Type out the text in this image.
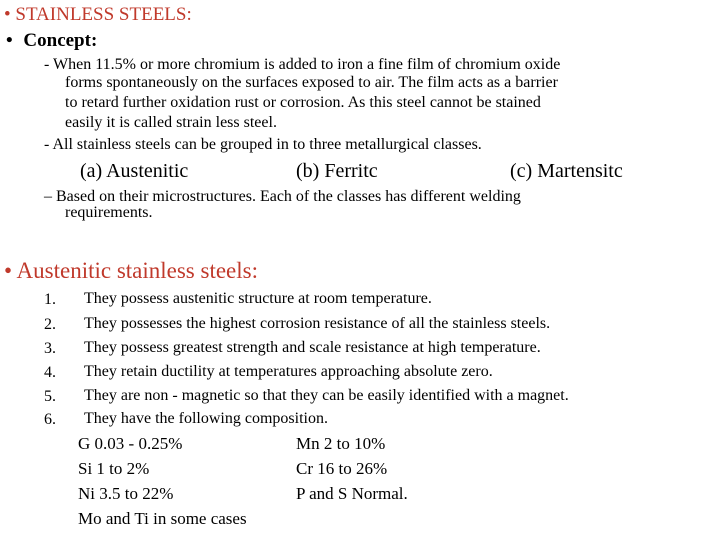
• STAINLESS STEELS:
• Concept:
- When 11.5% or more chromium is added to iron a fine film of chromium oxide
forms spontaneously on the surfaces exposed to air. The film acts as a barrier
to retard further oxidation rust or corrosion. As this steel cannot be stained
easily it is called strain less steel.
- All stainless steels can be grouped in to three metallurgical classes.
(a) Austenitic	(b) Ferritc	(c) Martensitc
– Based on their microstructures. Each of the classes has different welding
requirements.
• Austenitic stainless steels:
1. They possess austenitic structure at room temperature.
2. They possesses the highest corrosion resistance of all the stainless steels.
3. They possess greatest strength and scale resistance at high temperature.
4. They retain ductility at temperatures approaching absolute zero.
5. They are non - magnetic so that they can be easily identified with a magnet.
6. They have the following composition.
G 0.03 - 0.25%
Si 1 to 2%
Ni 3.5 to 22%
Mo and Ti in some cases
Mn 2 to 10%
Cr 16 to 26%
P and S Normal.
